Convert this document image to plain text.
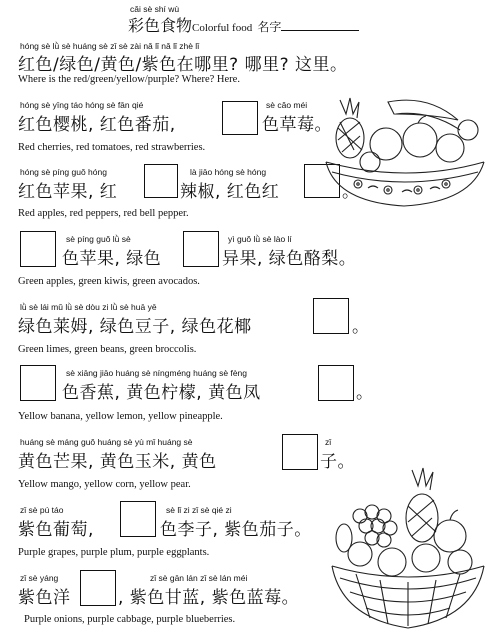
cǎi sè shí wù
彩色食物Colorful food 名字
hóng sè lǜ sè huáng sè zǐ sè zài nǎ lǐ nǎ lǐ zhè lǐ
红色/绿色/黄色/紫色在哪里? 哪里? 这里。
Where is the red/green/yellow/purple? Where? Here.
hóng sè yīng táo hóng sè fān qié
红色樱桃, 红色番茄,
sè cǎo méi
色草莓。
Red cherries, red tomatoes, red strawberries.
hóng sè píng guǒ hóng
红色苹果, 红
là jiāo hóng sè hóng
辣椒, 红色红	。
Red apples, red peppers, red bell pepper.
sè píng guǒ lǜ sè
色苹果, 绿色
yì guǒ lǜ sè lào lí
异果, 绿色酪梨。
Green apples, green kiwis, green avocados.
lǜ sè lái mǔ lǜ sè dòu zi lǜ sè huā yē
绿色莱姆, 绿色豆子, 绿色花椰	。
Green limes, green beans, green broccolis.
sè xiāng jiāo huáng sè níngméng huáng sè fèng
色香蕉, 黄色柠檬, 黄色凤	。
Yellow banana, yellow lemon, yellow pineapple.
huáng sè máng guǒ huáng sè yù mǐ huáng sè
黄色芒果, 黄色玉米, 黄色
zǐ
子。
Yellow mango, yellow corn, yellow pear.
zǐ sè pú táo
紫色葡萄,
sè lǐ zi zǐ sè qié zi
色李子, 紫色茄子。
Purple grapes, purple plum, purple eggplants.
zǐ sè yáng
紫色洋
zǐ sè gān lán zǐ sè lán méi
, 紫色甘蓝, 紫色蓝莓。
Purple onions, purple cabbage, purple blueberries.
